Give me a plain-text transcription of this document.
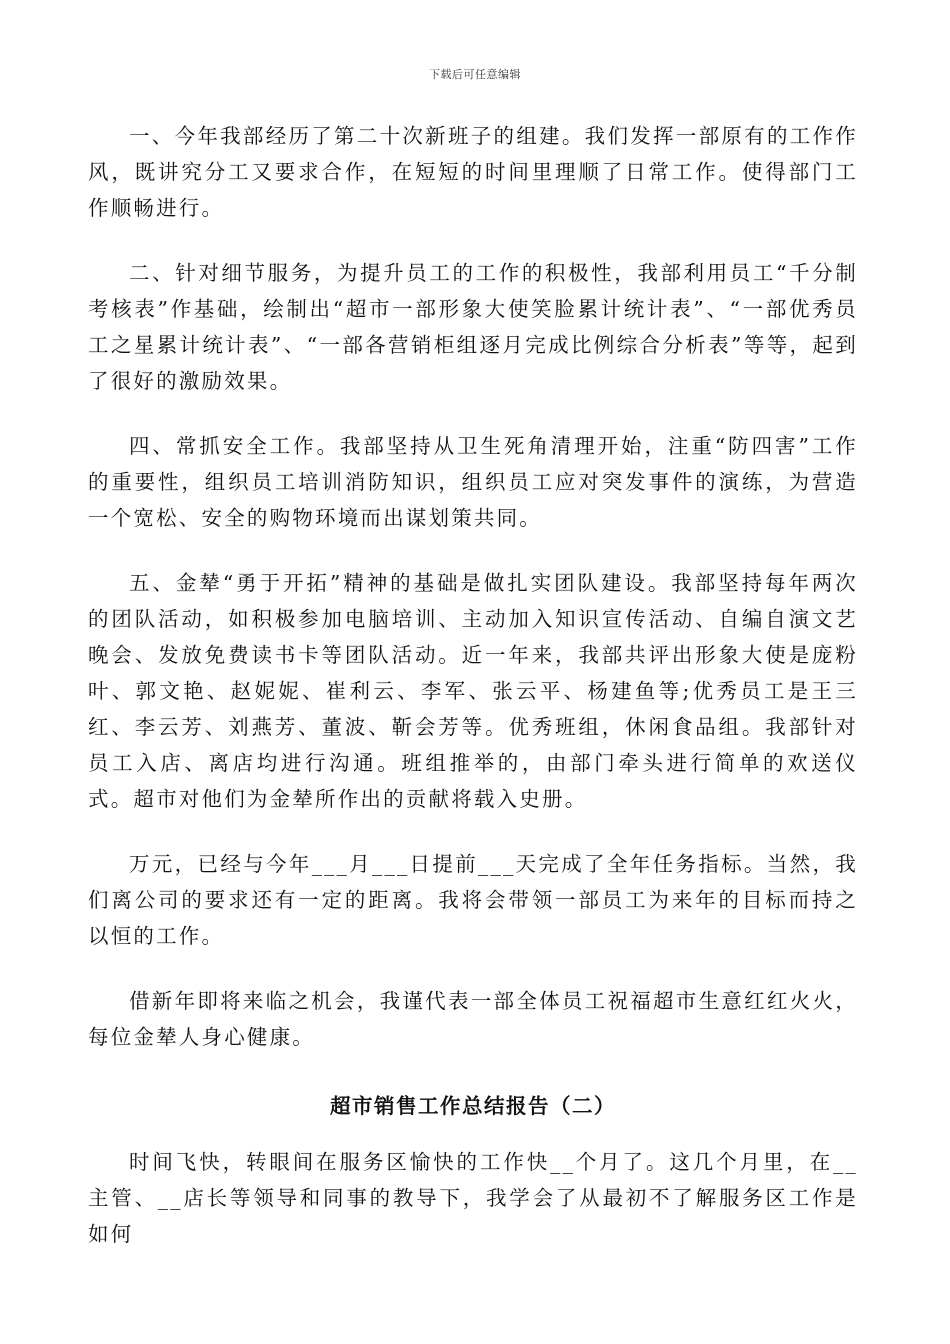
下载后可任意编辑

一、今年我部经历了第二十次新班子的组建。我们发挥一部原有的工作作风，既讲究分工又要求合作，在短短的时间里理顺了日常工作。使得部门工作顺畅进行。

二、针对细节服务，为提升员工的工作的积极性，我部利用员工“千分制考核表”作基础，绘制出“超市一部形象大使笑脸累计统计表”、“一部优秀员工之星累计统计表”、“一部各营销柜组逐月完成比例综合分析表”等等，起到了很好的激励效果。

四、常抓安全工作。我部坚持从卫生死角清理开始，注重“防四害”工作的重要性，组织员工培训消防知识，组织员工应对突发事件的演练，为营造一个宽松、安全的购物环境而出谋划策共同。

五、金辇“勇于开拓”精神的基础是做扎实团队建设。我部坚持每年两次的团队活动，如积极参加电脑培训、主动加入知识宣传活动、自编自演文艺晚会、发放免费读书卡等团队活动。近一年来，我部共评出形象大使是庞粉叶、郭文艳、赵妮妮、崔利云、李军、张云平、杨建鱼等;优秀员工是王三红、李云芳、刘燕芳、董波、靳会芳等。优秀班组，休闲食品组。我部针对员工入店、离店均进行沟通。班组推举的，由部门牵头进行简单的欢送仪式。超市对他们为金辇所作出的贡献将载入史册。

万元，已经与今年___月___日提前___天完成了全年任务指标。当然，我们离公司的要求还有一定的距离。我将会带领一部员工为来年的目标而持之以恒的工作。

借新年即将来临之机会，我谨代表一部全体员工祝福超市生意红红火火，每位金辇人身心健康。

超市销售工作总结报告（二）

时间飞快，转眼间在服务区愉快的工作快__个月了。这几个月里，在__主管、__店长等领导和同事的教导下，我学会了从最初不了解服务区工作是如何
